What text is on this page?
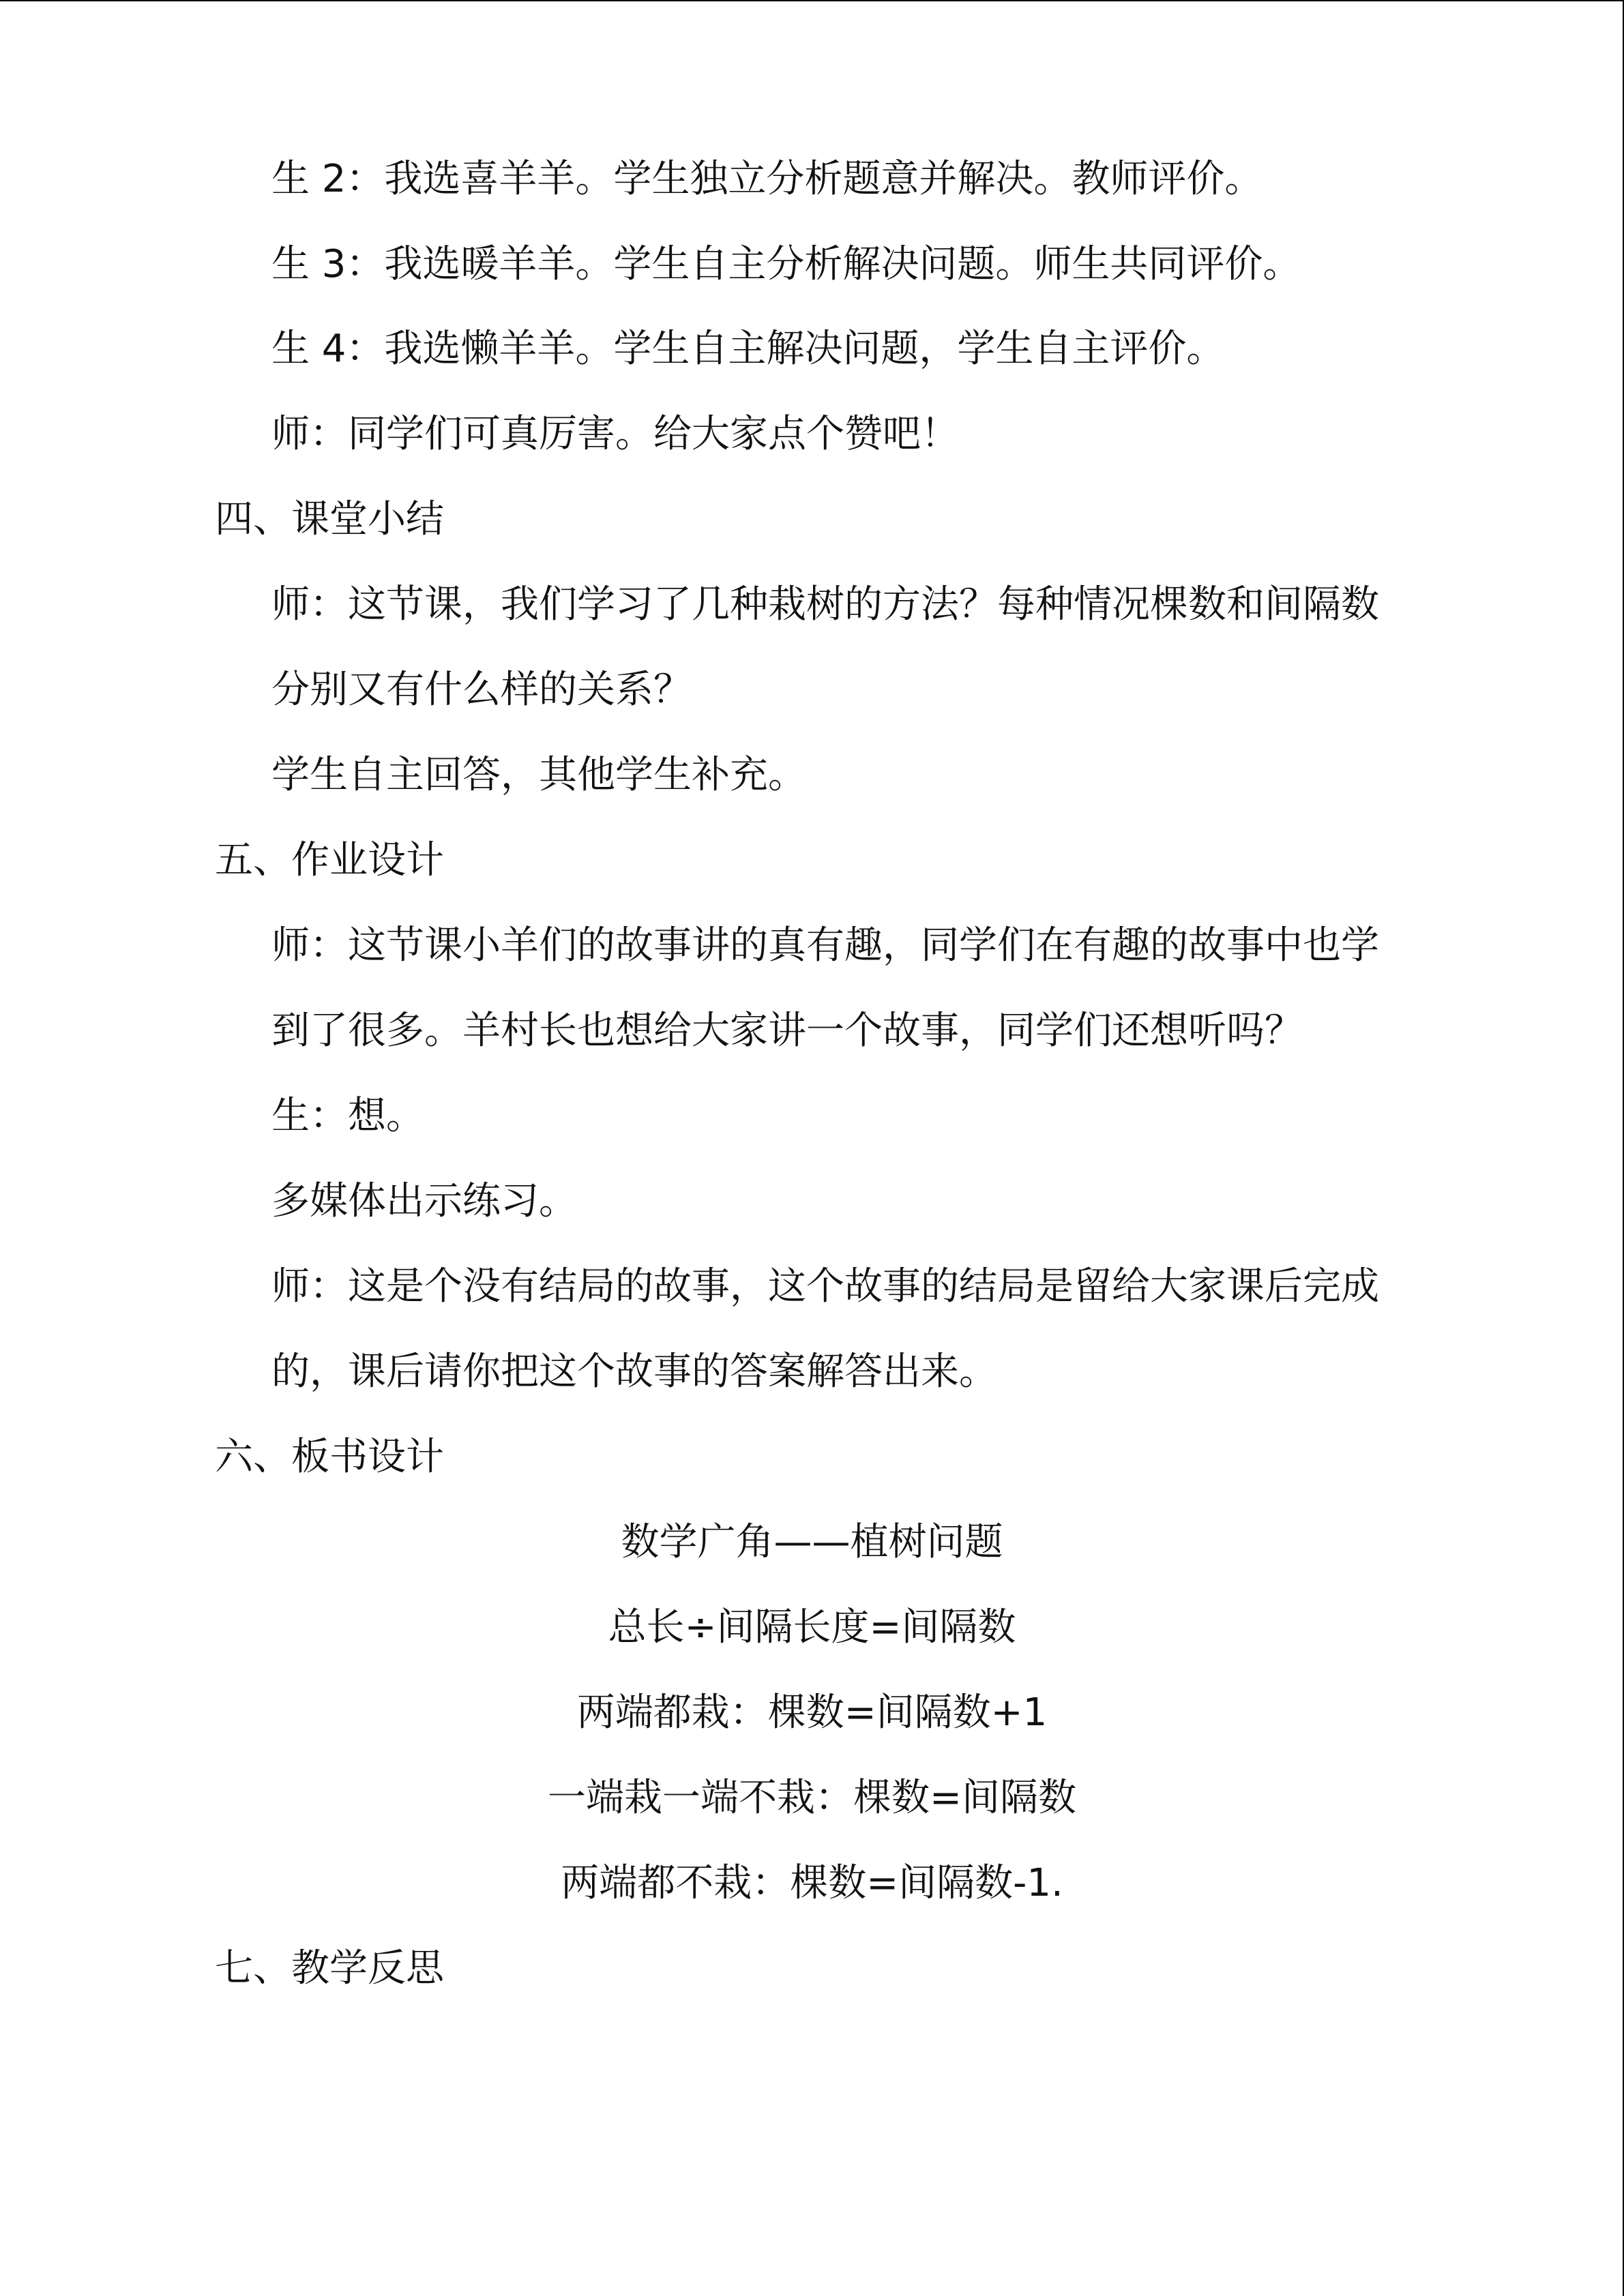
生 2：我选喜羊羊。学生独立分析题意并解决。教师评价。
生 3：我选暖羊羊。学生自主分析解决问题。师生共同评价。
生 4：我选懒羊羊。学生自主解决问题，学生自主评价。
师：同学们可真厉害。给大家点个赞吧！
四、课堂小结
师：这节课，我们学习了几种栽树的方法？每种情况棵数和间隔数
分别又有什么样的关系？
学生自主回答，其他学生补充。
五、作业设计
师：这节课小羊们的故事讲的真有趣，同学们在有趣的故事中也学
到了很多。羊村长也想给大家讲一个故事，同学们还想听吗？
生：想。
多媒体出示练习。
师：这是个没有结局的故事，这个故事的结局是留给大家课后完成
的，课后请你把这个故事的答案解答出来。
六、板书设计
数学广角——植树问题
总长÷间隔长度=间隔数
两端都栽：棵数=间隔数+1
一端栽一端不栽：棵数=间隔数
两端都不栽：棵数=间隔数-1.
七、教学反思
